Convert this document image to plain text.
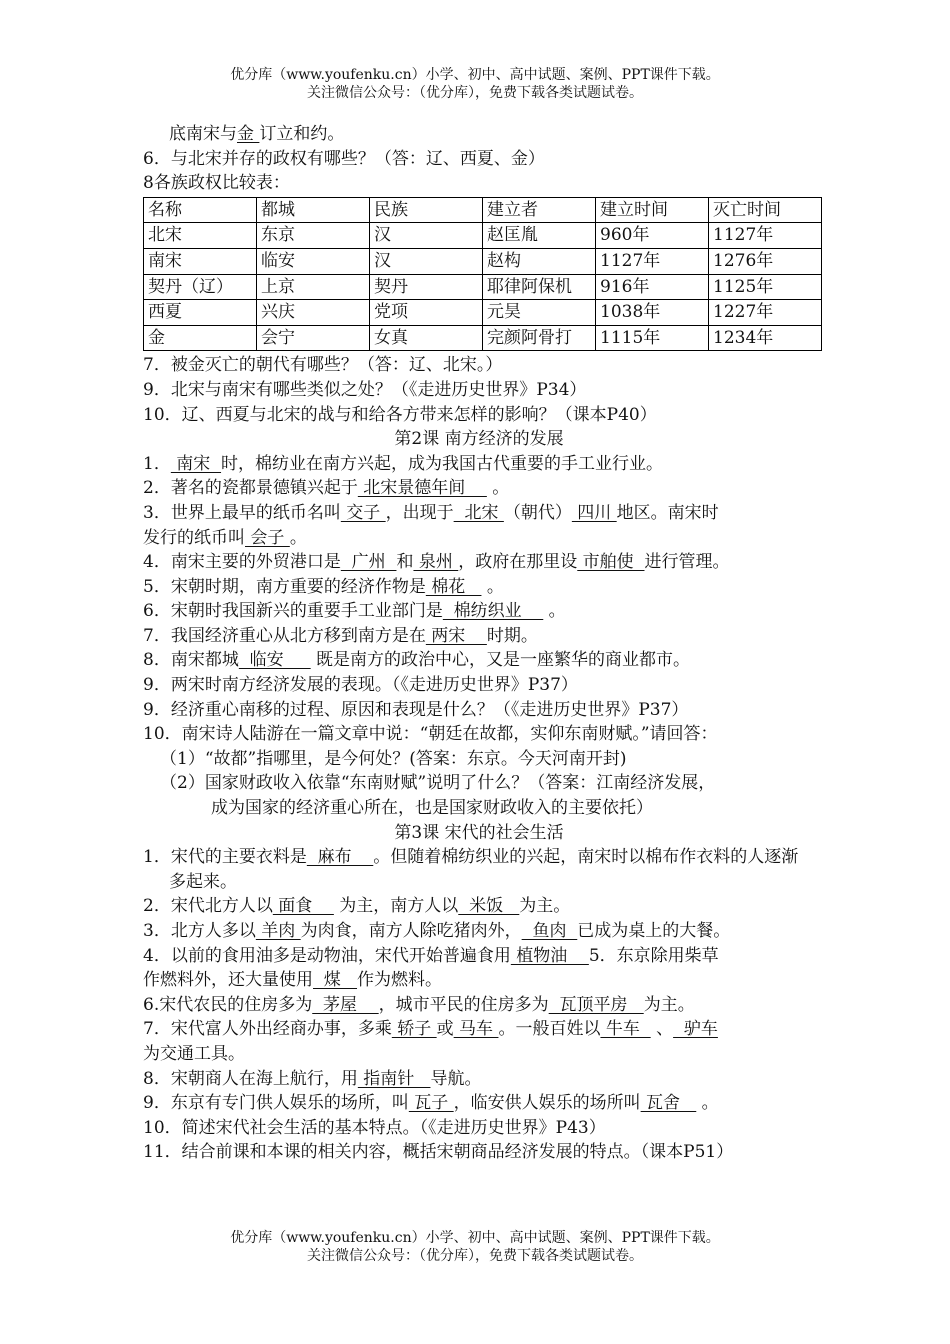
优分库（www.youfenku.cn）小学、初中、高中试题、案例、PPT课件下载。
关注微信公众号：（优分库），免费下载各类试题试卷。

底南宋与金 订立和约。

6．与北宋并存的政权有哪些？（答：辽、西夏、金）

8各族政权比较表：

名称	都城	民族	建立者	建立时间	灭亡时间
北宋	东京	汉	赵匡胤	960年	1127年
南宋	临安	汉	赵构	1127年	1276年
契丹（辽）	上京	契丹	耶律阿保机	916年	1125年
西夏	兴庆	党项	元昊	1038年	1227年
金	会宁	女真	完颜阿骨打	1115年	1234年

7．被金灭亡的朝代有哪些？（答：辽、北宋。）

9．北宋与南宋有哪些类似之处？（《走进历史世界》P34）

10．辽、西夏与北宋的战与和给各方带来怎样的影响？（课本P40）

第2课 南方经济的发展

1． 南宋  时，棉纺业在南方兴起，成为我国古代重要的手工业行业。

2．著名的瓷都景德镇兴起于 北宋景德年间     。

3．世界上最早的纸币名叫 交子 ，出现于  北宋 （朝代） 四川 地区。南宋时

发行的纸币叫 会子 。

4．南宋主要的外贸港口是  广州  和 泉州 ，政府在那里设 市舶使  进行管理。

5．宋朝时期，南方重要的经济作物是 棉花    。

6．宋朝时我国新兴的重要手工业部门是  棉纺织业     。

7．我国经济重心从北方移到南方是在 两宋    时期。

8．南宋都城  临安      既是南方的政治中心，又是一座繁华的商业都市。

9．两宋时南方经济发展的表现。（《走进历史世界》P37）

9．经济重心南移的过程、原因和表现是什么？（《走进历史世界》P37）

10．南宋诗人陆游在一篇文章中说：“朝廷在故都，实仰东南财赋。”请回答：

（1）“故都”指哪里，是今何处？(答案：东京。今天河南开封)

（2）国家财政收入依靠“东南财赋”说明了什么？（答案：江南经济发展，

成为国家的经济重心所在，也是国家财政收入的主要依托）

第3课 宋代的社会生活

1．宋代的主要衣料是  麻布    。但随着棉纺织业的兴起，南宋时以棉布作衣料的人逐渐多起来。

2．宋代北方人以 面食     为主，南方人以  米饭   为主。

3．北方人多以 羊肉 为肉食，南方人除吃猪肉外，  鱼肉  已成为桌上的大餐。

4．以前的食用油多是动物油，宋代开始普遍食用 植物油    5．东京除用柴草

作燃料外，还大量使用  煤   作为燃料。

6.宋代农民的住房多为  茅屋    ，城市平民的住房多为  瓦顶平房   为主。

7．宋代富人外出经商办事，多乘 轿子 或 马车 。一般百姓以 牛车   、  驴车

为交通工具。

8．宋朝商人在海上航行，用 指南针   导航。

9．东京有专门供人娱乐的场所，叫 瓦子 ，临安供人娱乐的场所叫 瓦舍    。

10．简述宋代社会生活的基本特点。（《走进历史世界》P43）

11．结合前课和本课的相关内容，概括宋朝商品经济发展的特点。（课本P51）

优分库（www.youfenku.cn）小学、初中、高中试题、案例、PPT课件下载。
关注微信公众号：（优分库），免费下载各类试题试卷。
